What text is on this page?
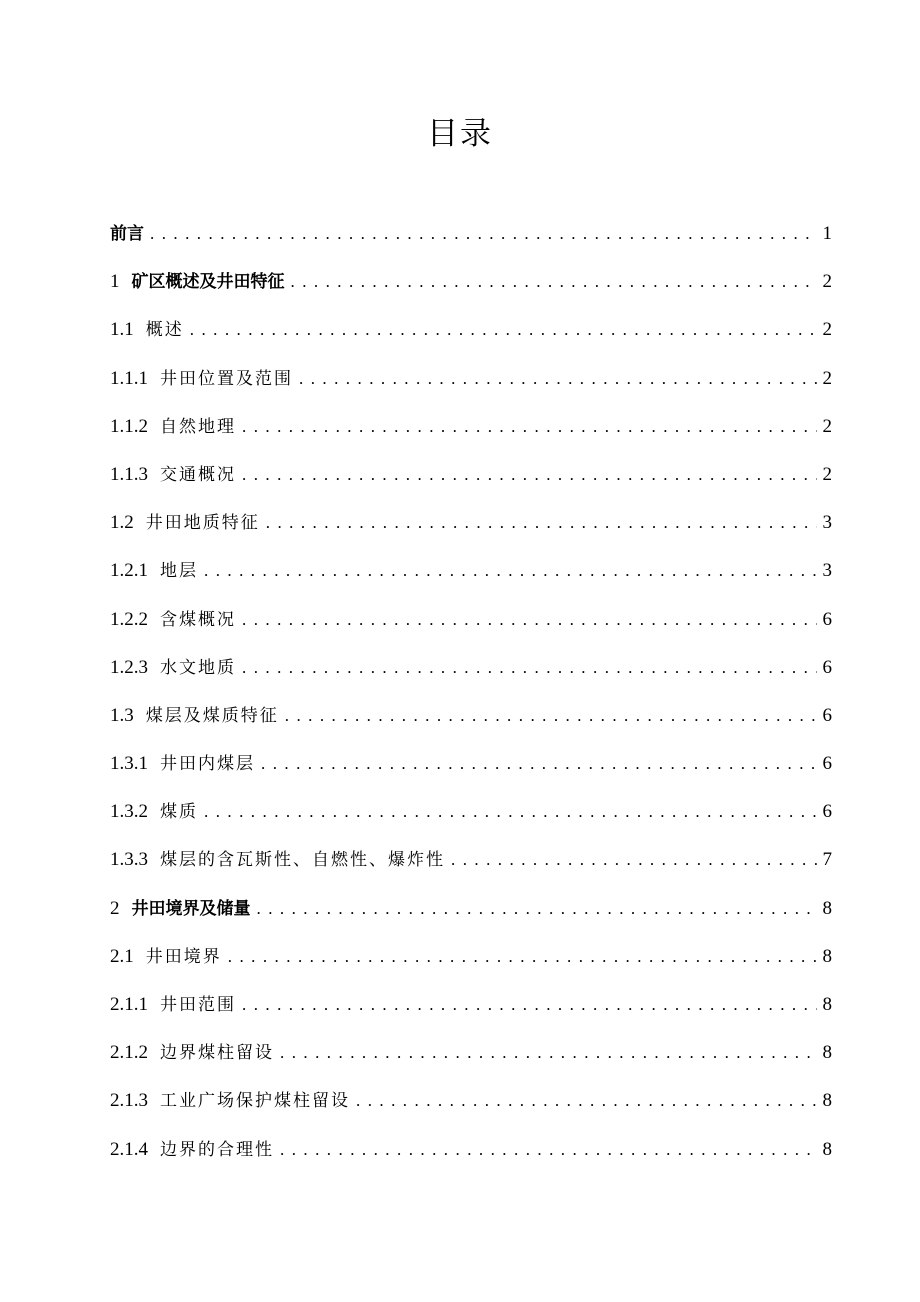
目录
前言 . . .	1
1 矿区概述及井田特征 . . .	2
1.1 概述 . . .	2
1.1.1 井田位置及范围 . . .	2
1.1.2 自然地理 . . .	2
1.1.3 交通概况 . . .	2
1.2 井田地质特征 . . .	3
1.2.1 地层 . . .	3
1.2.2 含煤概况 . . .	6
1.2.3 水文地质 . . .	6
1.3 煤层及煤质特征 . . .	6
1.3.1 井田内煤层 . . .	6
1.3.2 煤质 . . .	6
1.3.3 煤层的含瓦斯性、自燃性、爆炸性 . . .	7
2 井田境界及储量 . . .	8
2.1 井田境界 . . .	8
2.1.1 井田范围 . . .	8
2.1.2 边界煤柱留设 . . .	8
2.1.3 工业广场保护煤柱留设 . . .	8
2.1.4 边界的合理性 . . .	8
